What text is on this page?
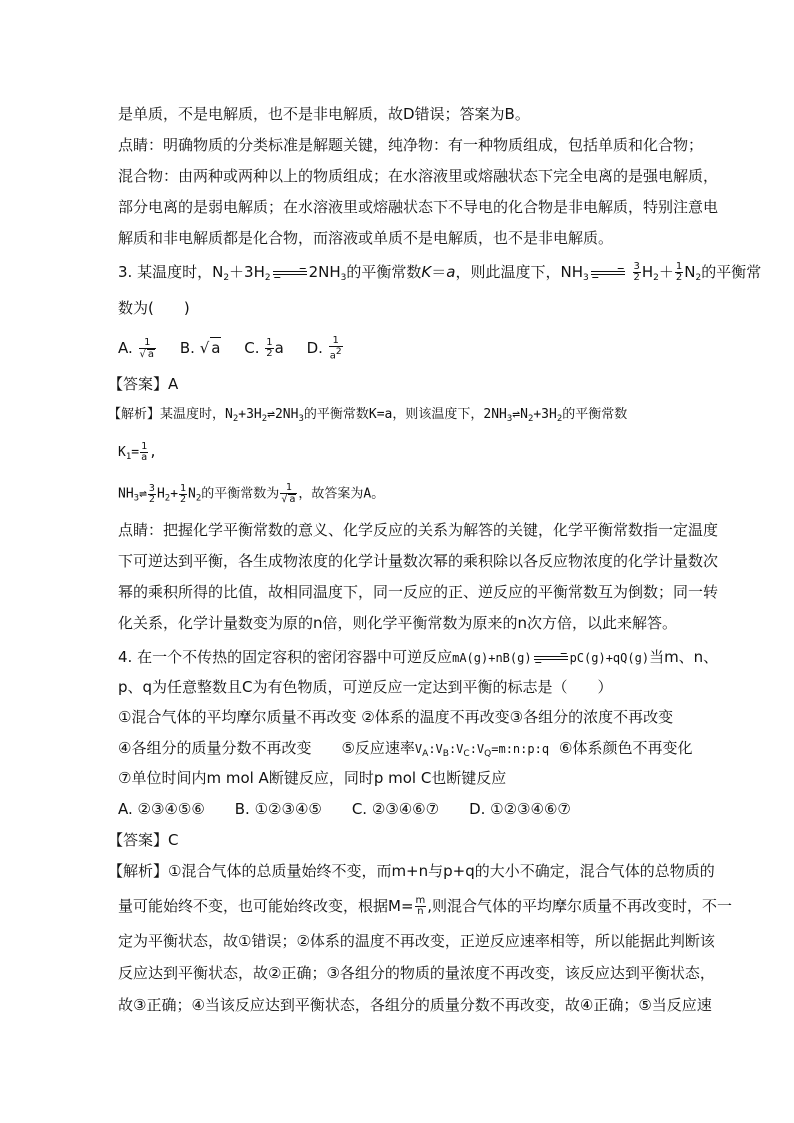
是单质，不是电解质，也不是非电解质，故D错误；答案为B。
点睛：明确物质的分类标准是解题关键，纯净物：有一种物质组成，包括单质和化合物；
混合物：由两种或两种以上的物质组成；在水溶液里或熔融状态下完全电离的是强电解质，
部分电离的是弱电解质；在水溶液里或熔融状态下不导电的化合物是非电解质，特别注意电
解质和非电解质都是化合物，而溶液或单质不是电解质，也不是非电解质。
3. 某温度时，$N_2+3H_2 \to 2NH_3$的平衡常数K＝a，则此温度下，$NH_3$
	$\frac{3}{2} H_2+ \frac{1}{2} N_2$的平衡常
数为(　　)
A. $\frac{1}{√ a} B$. √ a C. $\frac{1}{2}$ a D. $\frac{1}{a^2}$
【答案】A
【解析】某温度时，$N_2+3H_2\rightleftharpoons 2NH_3$的平衡常数K=a，则该温度下，$2NH_3\rightleftharpoons N_2+3H_2$的平衡常数
$K_1= \frac{1}{a}$ ,
$NH_3\rightleftharpoons \frac{3}{2} H_2+ \frac{1}{2} N_2$的平衡常数为 $\frac{1}{√ a}$ ，故答案为A。
点睛：把握化学平衡常数的意义、化学反应的关系为解答的关键，化学平衡常数指一定温度
下可逆达到平衡，各生成物浓度的化学计量数次幂的乘积除以各反应物浓度的化学计量数次
幂的乘积所得的比值，故相同温度下，同一反应的正、逆反应的平衡常数互为倒数；同一转
化关系，化学计量数变为原的n倍，则化学平衡常数为原来的n次方倍，以此来解答。
4. 在一个不传热的固定容积的密闭容器中可逆反应mA(g)+nB(g) → pC(g)+qQ(g)当m、n、
p、q为任意整数且C为有色物质，可逆反应一定达到平衡的标志是（　　）
①混合气体的平均摩尔质量不再改变 ②体系的温度不再改变③各组分的浓度不再改变
④各组分的质量分数不再改变　　⑤反应速率$V_A:V_B:V_C:V_Q=m:n:p:q$ ⑥体系颜色不再变化
⑦单位时间内m mol A断键反应，同时p mol C也断键反应
A. ②③④⑤⑥　　B. ①②③④⑤　　C. ②③④⑥⑦　　D. ①②③④⑥⑦
【答案】C
【解析】①混合气体的总质量始终不变，而m+n与p+q的大小不确定，混合气体的总物质的
量可能始终不变，也可能始终改变，根据$M= \frac{m}{n}$ ,则混合气体的平均摩尔质量不再改变时，不一
定为平衡状态，故①错误；②体系的温度不再改变，正逆反应速率相等，所以能据此判断该
反应达到平衡状态，故②正确；③各组分的物质的量浓度不再改变，该反应达到平衡状态，
故③正确；④当该反应达到平衡状态，各组分的质量分数不再改变，故④正确；⑤当反应速
